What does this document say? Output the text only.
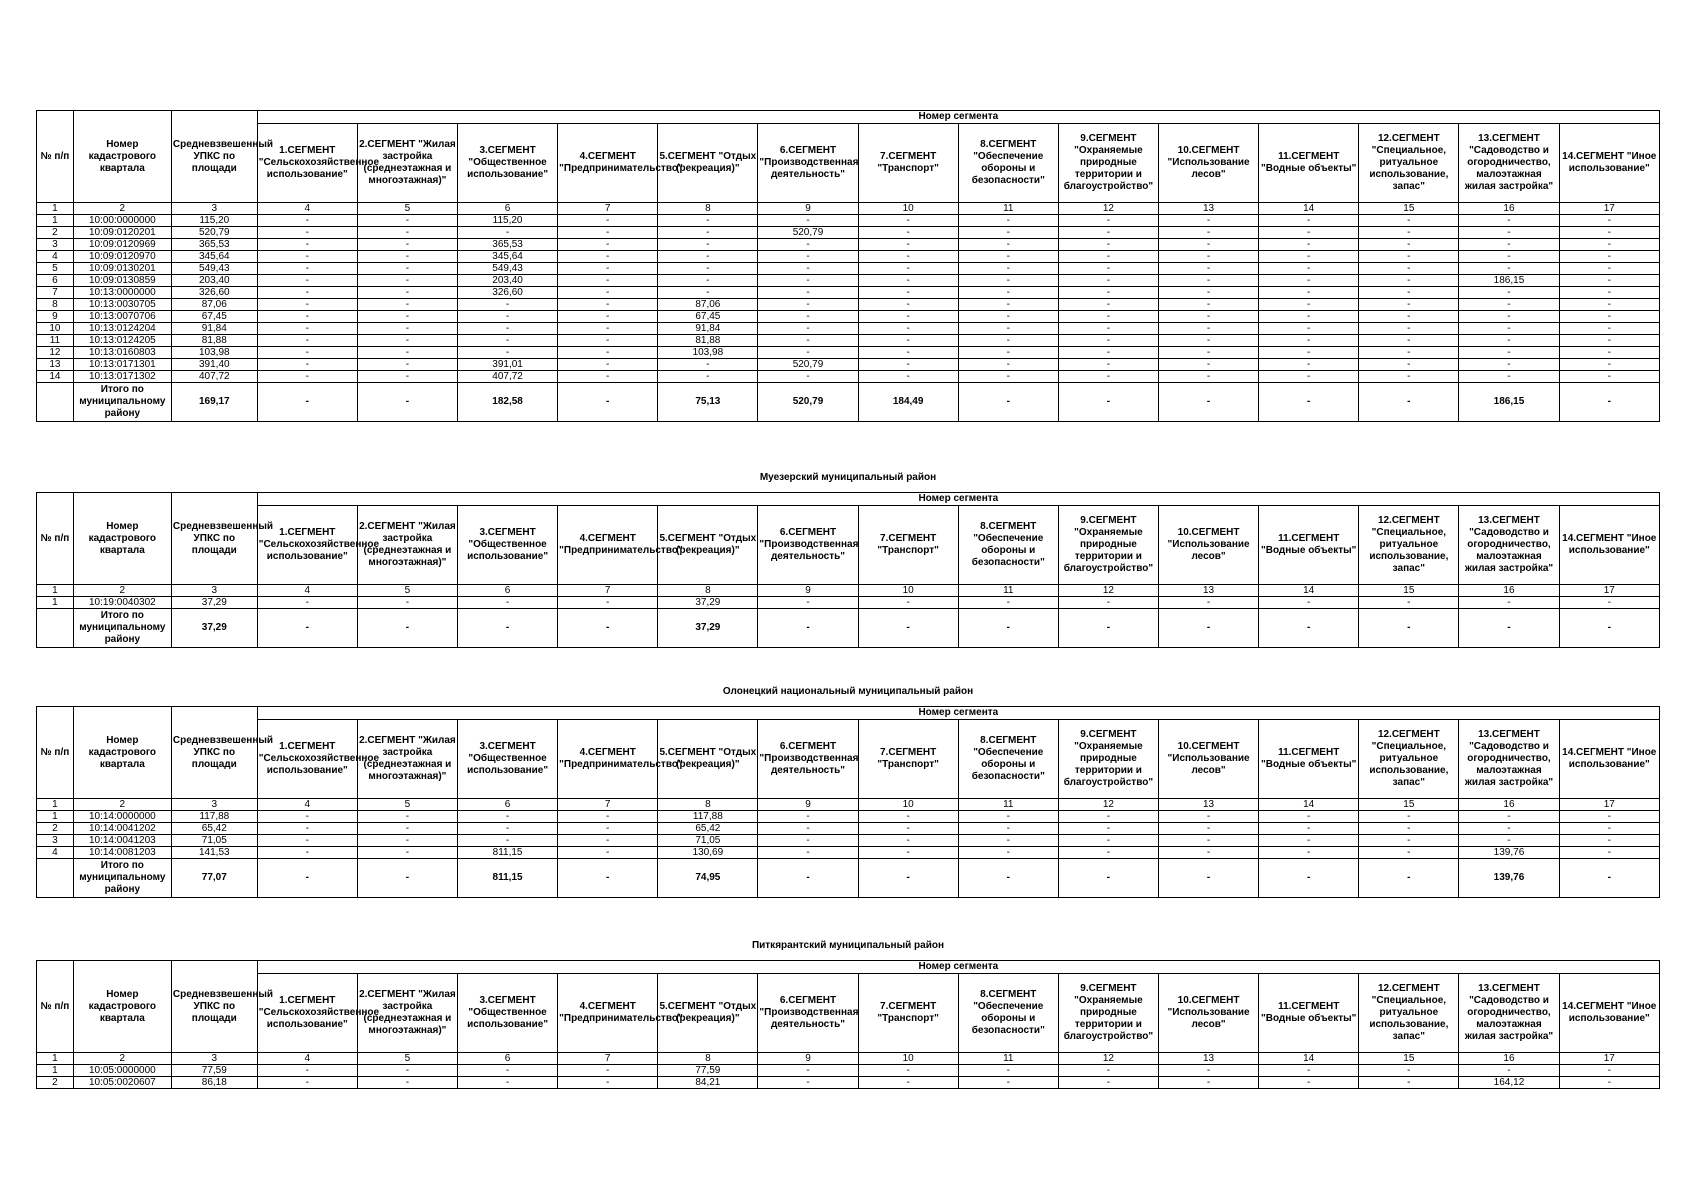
№ п/п	Номер кадастрового квартала	Средневзвешенный УПКС по площади	Номер сегмента													
			1.СЕГМЕНТ "Сельскохозяйственное использование"	2.СЕГМЕНТ "Жилая застройка (среднеэтажная и многоэтажная)"	3.СЕГМЕНТ "Общественное использование"	4.СЕГМЕНТ "Предпринимательство"	5.СЕГМЕНТ "Отдых (рекреация)"	6.СЕГМЕНТ "Производственная деятельность"	7.СЕГМЕНТ "Транспорт"	8.СЕГМЕНТ "Обеспечение обороны и безопасности"	9.СЕГМЕНТ "Охраняемые природные территории и благоустройство"	10.СЕГМЕНТ "Использование лесов"	11.СЕГМЕНТ "Водные объекты"	12.СЕГМЕНТ "Специальное, ритуальное использование, запас"	13.СЕГМЕНТ "Садоводство и огородничество, малоэтажная жилая застройка"	14.СЕГМЕНТ "Иное использование"
1	2	3	4	5	6	7	8	9	10	11	12	13	14	15	16	17
1	10:00:0000000	115,20	-	-	115,20	-	-	-	-	-	-	-	-	-	-	-
2	10:09:0120201	520,79	-	-	-	-	-	520,79	-	-	-	-	-	-	-	-
3	10:09:0120969	365,53	-	-	365,53	-	-	-	-	-	-	-	-	-	-	-
4	10:09:0120970	345,64	-	-	345,64	-	-	-	-	-	-	-	-	-	-	-
5	10:09:0130201	549,43	-	-	549,43	-	-	-	-	-	-	-	-	-	-	-
6	10:09:0130859	203,40	-	-	203,40	-	-	-	-	-	-	-	-	-	186,15	-
7	10:13:0000000	326,60	-	-	326,60	-	-	-	-	-	-	-	-	-	-	-
8	10:13:0030705	87,06	-	-	-	-	87,06	-	-	-	-	-	-	-	-	-
9	10:13:0070706	67,45	-	-	-	-	67,45	-	-	-	-	-	-	-	-	-
10	10:13:0124204	91,84	-	-	-	-	91,84	-	-	-	-	-	-	-	-	-
11	10:13:0124205	81,88	-	-	-	-	81,88	-	-	-	-	-	-	-	-	-
12	10:13:0160803	103,98	-	-	-	-	103,98	-	-	-	-	-	-	-	-	-
13	10:13:0171301	391,40	-	-	391,01	-	-	520,79	-	-	-	-	-	-	-	-
14	10:13:0171302	407,72	-	-	407,72	-	-	-	-	-	-	-	-	-	-	-
	Итого по муниципальному району	169,17	-	-	182,58	-	75,13	520,79	184,49	-	-	-	-	-	186,15	-
Муезерский муниципальный район
№ п/п	Номер кадастрового квартала	Средневзвешенный УПКС по площади	Номер сегмента													
			1.СЕГМЕНТ "Сельскохозяйственное использование"	2.СЕГМЕНТ "Жилая застройка (среднеэтажная и многоэтажная)"	3.СЕГМЕНТ "Общественное использование"	4.СЕГМЕНТ "Предпринимательство"	5.СЕГМЕНТ "Отдых (рекреация)"	6.СЕГМЕНТ "Производственная деятельность"	7.СЕГМЕНТ "Транспорт"	8.СЕГМЕНТ "Обеспечение обороны и безопасности"	9.СЕГМЕНТ "Охраняемые природные территории и благоустройство"	10.СЕГМЕНТ "Использование лесов"	11.СЕГМЕНТ "Водные объекты"	12.СЕГМЕНТ "Специальное, ритуальное использование, запас"	13.СЕГМЕНТ "Садоводство и огородничество, малоэтажная жилая застройка"	14.СЕГМЕНТ "Иное использование"
1	2	3	4	5	6	7	8	9	10	11	12	13	14	15	16	17
1	10:19:0040302	37,29	-	-	-	-	37,29	-	-	-	-	-	-	-	-	-
	Итого по муниципальному району	37,29	-	-	-	-	37,29	-	-	-	-	-	-	-	-	-
Олонецкий национальный муниципальный район
№ п/п	Номер кадастрового квартала	Средневзвешенный УПКС по площади	Номер сегмента													
			1.СЕГМЕНТ "Сельскохозяйственное использование"	2.СЕГМЕНТ "Жилая застройка (среднеэтажная и многоэтажная)"	3.СЕГМЕНТ "Общественное использование"	4.СЕГМЕНТ "Предпринимательство"	5.СЕГМЕНТ "Отдых (рекреация)"	6.СЕГМЕНТ "Производственная деятельность"	7.СЕГМЕНТ "Транспорт"	8.СЕГМЕНТ "Обеспечение обороны и безопасности"	9.СЕГМЕНТ "Охраняемые природные территории и благоустройство"	10.СЕГМЕНТ "Использование лесов"	11.СЕГМЕНТ "Водные объекты"	12.СЕГМЕНТ "Специальное, ритуальное использование, запас"	13.СЕГМЕНТ "Садоводство и огородничество, малоэтажная жилая застройка"	14.СЕГМЕНТ "Иное использование"
1	2	3	4	5	6	7	8	9	10	11	12	13	14	15	16	17
1	10:14:0000000	117,88	-	-	-	-	117,88	-	-	-	-	-	-	-	-	-
2	10:14:0041202	65,42	-	-	-	-	65,42	-	-	-	-	-	-	-	-	-
3	10:14:0041203	71,05	-	-	-	-	71,05	-	-	-	-	-	-	-	-	-
4	10:14:0081203	141,53	-	-	811,15	-	130,69	-	-	-	-	-	-	-	139,76	-
	Итого по муниципальному району	77,07	-	-	811,15	-	74,95	-	-	-	-	-	-	-	139,76	-
Питкярантский муниципальный район
№ п/п	Номер кадастрового квартала	Средневзвешенный УПКС по площади	Номер сегмента													
			1.СЕГМЕНТ "Сельскохозяйственное использование"	2.СЕГМЕНТ "Жилая застройка (среднеэтажная и многоэтажная)"	3.СЕГМЕНТ "Общественное использование"	4.СЕГМЕНТ "Предпринимательство"	5.СЕГМЕНТ "Отдых (рекреация)"	6.СЕГМЕНТ "Производственная деятельность"	7.СЕГМЕНТ "Транспорт"	8.СЕГМЕНТ "Обеспечение обороны и безопасности"	9.СЕГМЕНТ "Охраняемые природные территории и благоустройство"	10.СЕГМЕНТ "Использование лесов"	11.СЕГМЕНТ "Водные объекты"	12.СЕГМЕНТ "Специальное, ритуальное использование, запас"	13.СЕГМЕНТ "Садоводство и огородничество, малоэтажная жилая застройка"	14.СЕГМЕНТ "Иное использование"
1	2	3	4	5	6	7	8	9	10	11	12	13	14	15	16	17
1	10:05:0000000	77,59	-	-	-	-	77,59	-	-	-	-	-	-	-	-	-
2	10:05:0020607	86,18	-	-	-	-	84,21	-	-	-	-	-	-	-	164,12	-
